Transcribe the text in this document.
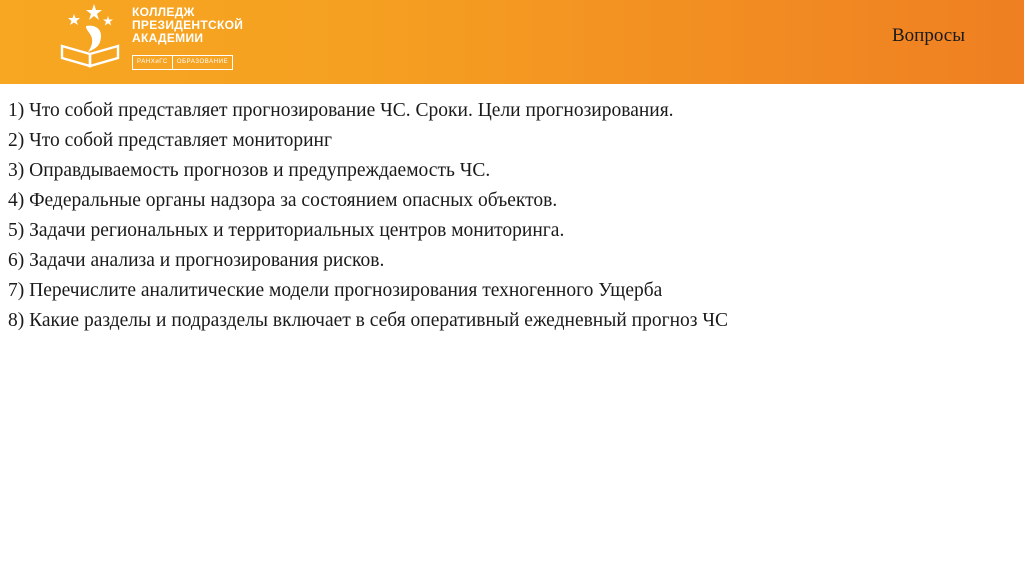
КОЛЛЕДЖ
ПРЕЗИДЕНТСКОЙ
АКАДЕМИИ
РАНХиГС	ОБРАЗОВАНИЕ
Вопросы
1) Что собой представляет прогнозирование ЧС. Сроки. Цели прогнозирования.
2) Что собой представляет мониторинг
3) Оправдываемость прогнозов и предупреждаемость ЧС.
4) Федеральные органы надзора за состоянием опасных объектов.
5) Задачи региональных и территориальных центров мониторинга.
6) Задачи анализа и прогнозирования рисков.
7) Перечислите аналитические модели прогнозирования техногенного Ущерба
8) Какие разделы и подразделы включает в себя оперативный ежедневный прогноз ЧС
